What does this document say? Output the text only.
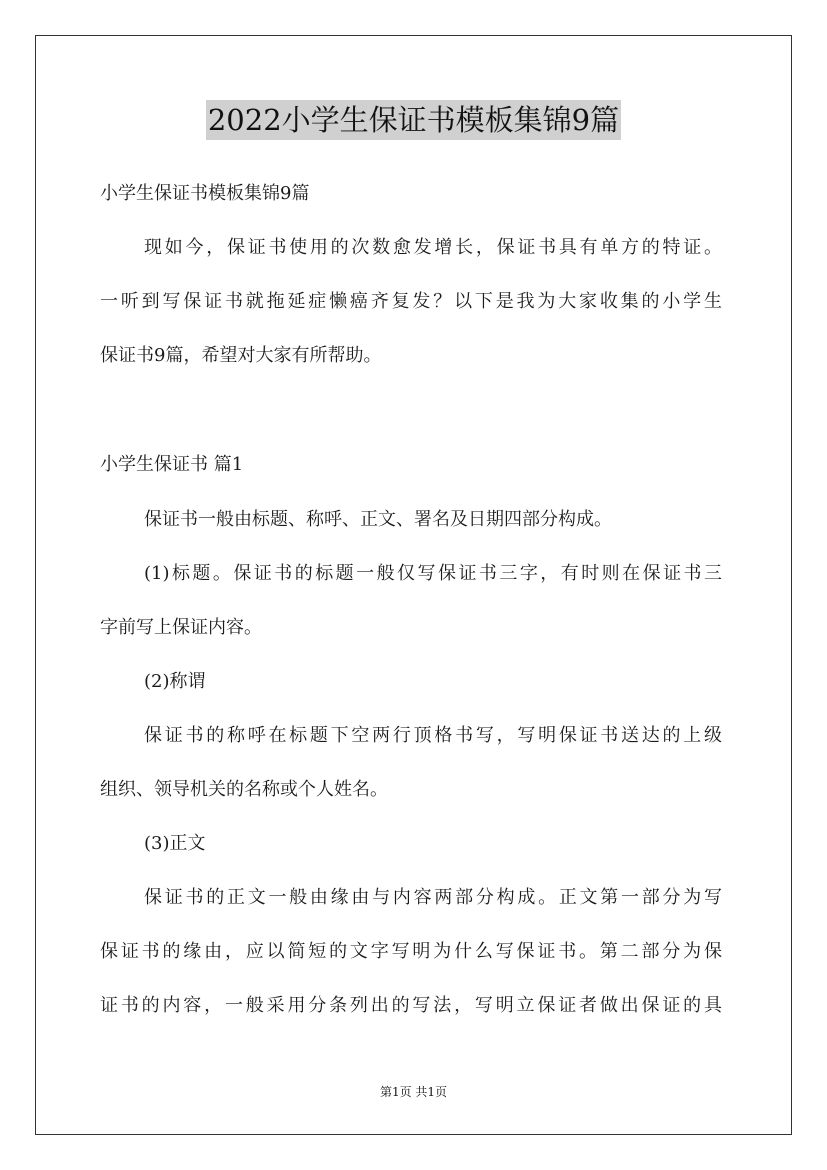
2022小学生保证书模板集锦9篇
小学生保证书模板集锦9篇
现如今，保证书使用的次数愈发增长，保证书具有单方的特证。
一听到写保证书就拖延症懒癌齐复发？以下是我为大家收集的小学生
保证书9篇，希望对大家有所帮助。
小学生保证书 篇1
保证书一般由标题、称呼、正文、署名及日期四部分构成。
(1)标题。保证书的标题一般仅写保证书三字，有时则在保证书三
字前写上保证内容。
(2)称谓
保证书的称呼在标题下空两行顶格书写，写明保证书送达的上级
组织、领导机关的名称或个人姓名。
(3)正文
保证书的正文一般由缘由与内容两部分构成。正文第一部分为写
保证书的缘由，应以简短的文字写明为什么写保证书。第二部分为保
证书的内容，一般采用分条列出的写法，写明立保证者做出保证的具
第1页 共1页
